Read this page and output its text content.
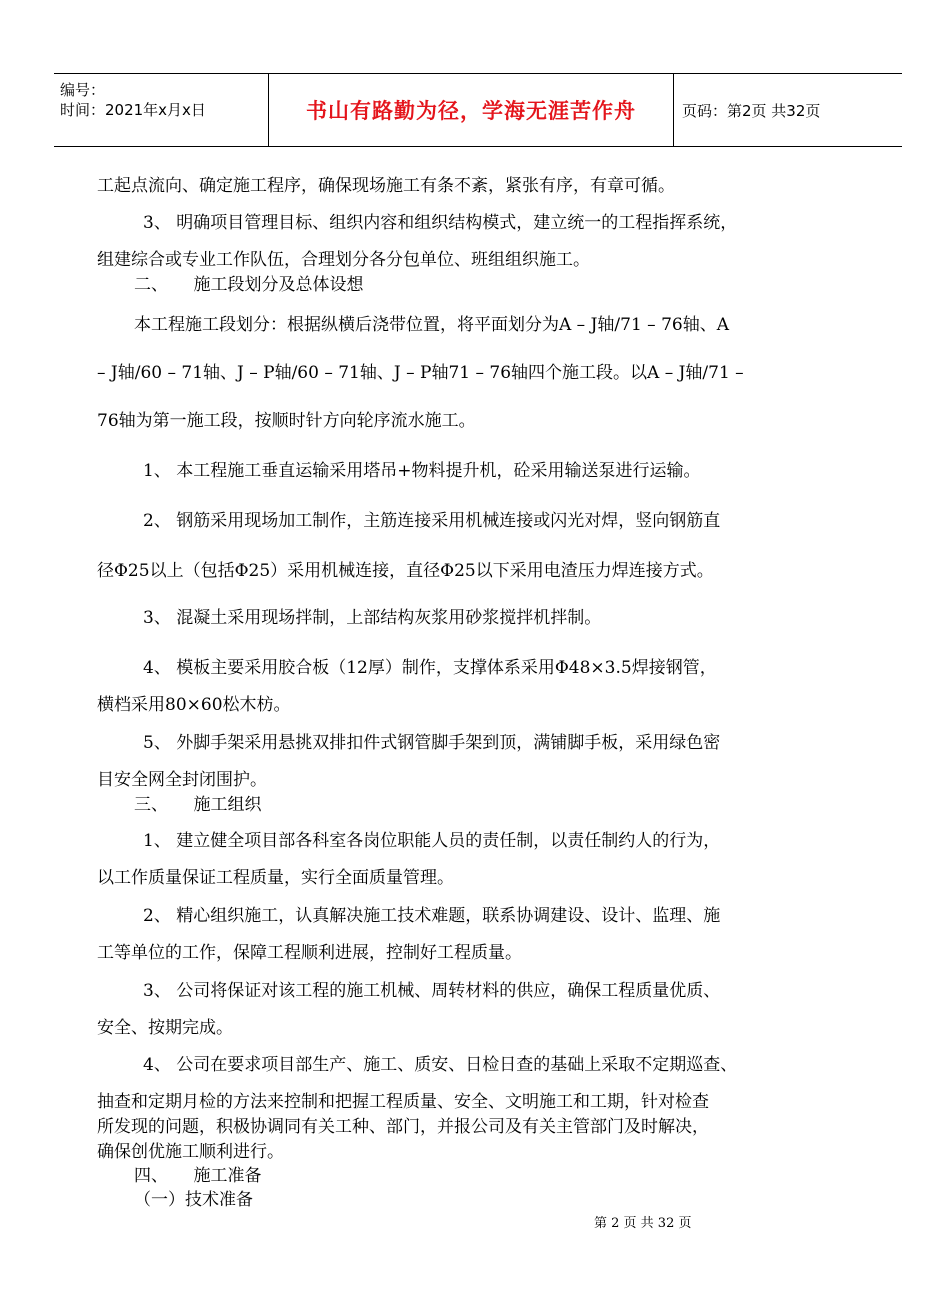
编号：
时间：2021年x月x日	书山有路勤为径，学海无涯苦作舟	页码：第2页 共32页
工起点流向、确定施工程序，确保现场施工有条不紊，紧张有序，有章可循。
3、 明确项目管理目标、组织内容和组织结构模式，建立统一的工程指挥系统，
组建综合或专业工作队伍，合理划分各分包单位、班组组织施工。
二、　　施工段划分及总体设想
本工程施工段划分：根据纵横后浇带位置，将平面划分为A – J轴/71 – 76轴、A
– J轴/60 – 71轴、J – P轴/60 – 71轴、J – P轴71 – 76轴四个施工段。以A – J轴/71 –
76轴为第一施工段，按顺时针方向轮序流水施工。
1、 本工程施工垂直运输采用塔吊+物料提升机，砼采用输送泵进行运输。
2、 钢筋采用现场加工制作，主筋连接采用机械连接或闪光对焊，竖向钢筋直
径Φ25以上（包括Φ25）采用机械连接，直径Φ25以下采用电渣压力焊连接方式。
3、 混凝土采用现场拌制，上部结构灰浆用砂浆搅拌机拌制。
4、 模板主要采用胶合板（12厚）制作，支撑体系采用Φ48×3.5焊接钢管，
横档采用80×60松木枋。
5、 外脚手架采用悬挑双排扣件式钢管脚手架到顶，满铺脚手板，采用绿色密
目安全网全封闭围护。
三、　　施工组织
1、 建立健全项目部各科室各岗位职能人员的责任制，以责任制约人的行为，
以工作质量保证工程质量，实行全面质量管理。
2、 精心组织施工，认真解决施工技术难题，联系协调建设、设计、监理、施
工等单位的工作，保障工程顺利进展，控制好工程质量。
3、 公司将保证对该工程的施工机械、周转材料的供应，确保工程质量优质、
安全、按期完成。
4、 公司在要求项目部生产、施工、质安、日检日查的基础上采取不定期巡查、
抽查和定期月检的方法来控制和把握工程质量、安全、文明施工和工期，针对检查
所发现的问题，积极协调同有关工种、部门，并报公司及有关主管部门及时解决，
确保创优施工顺利进行。
四、　　施工准备
（一）技术准备
第 2 页 共 32 页
